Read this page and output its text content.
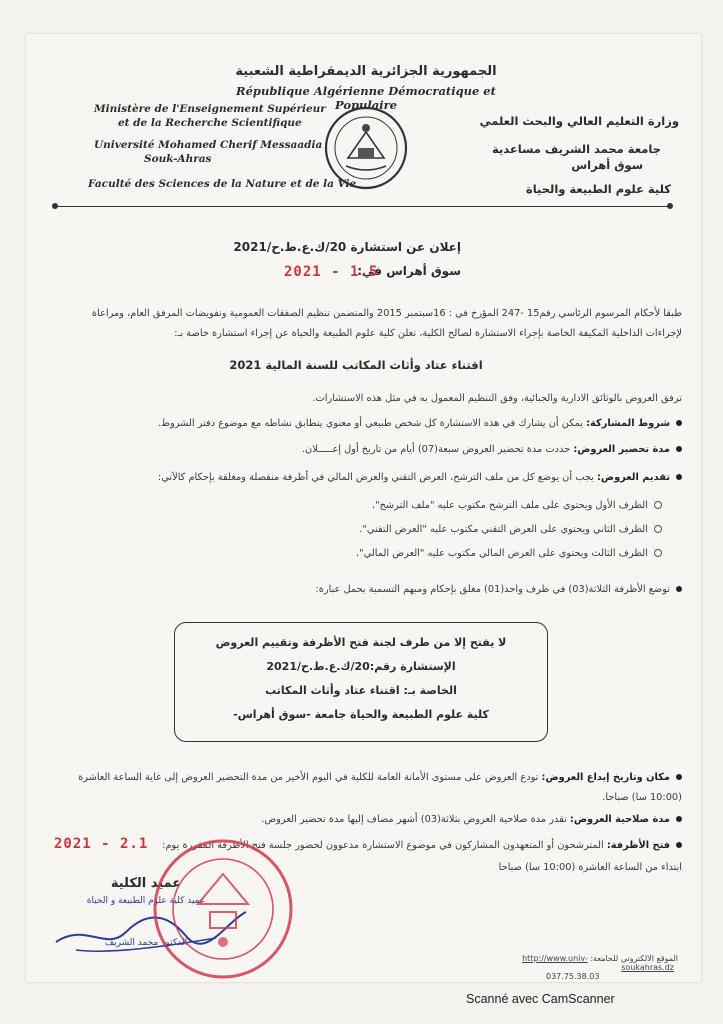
الجمهورية الجزائرية الديمقراطية الشعبية
République Algérienne Démocratique et Populaire
Ministère de l'Enseignement Supérieur
et de la Recherche Scientifique
Université Mohamed Cherif Messaadia
Souk-Ahras
Faculté des Sciences de la Nature et de la Vie
وزارة التعليم العالي والبحث العلمي
جامعة محمد الشريف مساعدية
سوق أهراس
كلية علوم الطبيعة والحياة
إعلان عن استشارة 20/ك.ع.ط.ح/2021
سوق أهراس في:
2021 - 1.5
طبقا لأحكام المرسوم الرئاسي رقم15 -247 المؤرخ في : 16سبتمبر 2015 والمتضمن تنظيم الصفقات العمومية وتفويضات المرفق العام، ومراعاة
لإجراءات الداخلية المكيفة الخاصة بإجراء الاستشارة لصالح الكلية، تعلن كلية علوم الطبيعة والحياة عن إجراء استشارة خاصة بـ:
اقتناء عتاد وأثاث المكاتب للسنة المالية 2021
ترفق العروض بالوثائق الادارية والجبائية، وفق التنظيم المعمول به في مثل هذه الاستشارات.
شروط المشاركة: يمكن أن يشارك في هذه الاستشارة كل شخص طبيعي أو معنوي يتطابق نشاطه مع موضوع دفتر الشروط.
مدة تحضير العروض: حددت مدة تحضير العروض سبعة(07) أيام من تاريخ أول إعـــــلان.
تقديم العروض: يجب أن يوضع كل من ملف الترشح، العرض التقني والعرض المالي في أظرفة منفصلة ومغلقة بإحكام كالآتي:
الظرف الأول ويحتوي على ملف الترشح مكتوب عليه "ملف الترشح".
الظرف الثاني ويحتوي على العرض التقني مكتوب عليه "العرض التقني".
الظرف الثالث ويحتوي على العرض المالي مكتوب عليه "العرض المالي".
توضع الأظرفة الثلاثة(03) في ظرف واحد(01) مغلق بإحكام ومبهم التسمية يحمل عبارة:
لا يفتح إلا من طرف لجنة فتح الأظرفة وتقييم العروض
الإستشارة رقم:20/ك.ع.ط.ح/2021
الخاصة بـ: اقتناء عتاد وأثاث المكاتب
كلية علوم الطبيعة والحياة جامعة -سوق أهراس-
مكان وتاريخ إيداع العروض: تودع العروض على مستوى الأمانة العامة للكلية في اليوم الأخير من مدة التحضير العروض إلى غاية الساعة العاشرة
(10:00 سا) صباحا.
مدة صلاحية العروض: تقدر مدة صلاحية العروض بثلاثة(03) أشهر مضاف إليها مدة تحضير العروض.
فتح الأظرفة: المترشحون أو المتعهدون المشاركون في موضوع الاستشارة مدعوون لحضور جلسة فتح الأظرفة المقررة يوم:
2021 - 2.1
ابتداء من الساعة العاشرة (10:00 سا) صباحا
عميد الكلية
عميد كلية علوم الطبيعة و الحياة
الدكتور محمد الشريف
الموقع الالكتروني للجامعة: http://www.univ-soukahras.dz
037.75.38.03
Scanné avec CamScanner
